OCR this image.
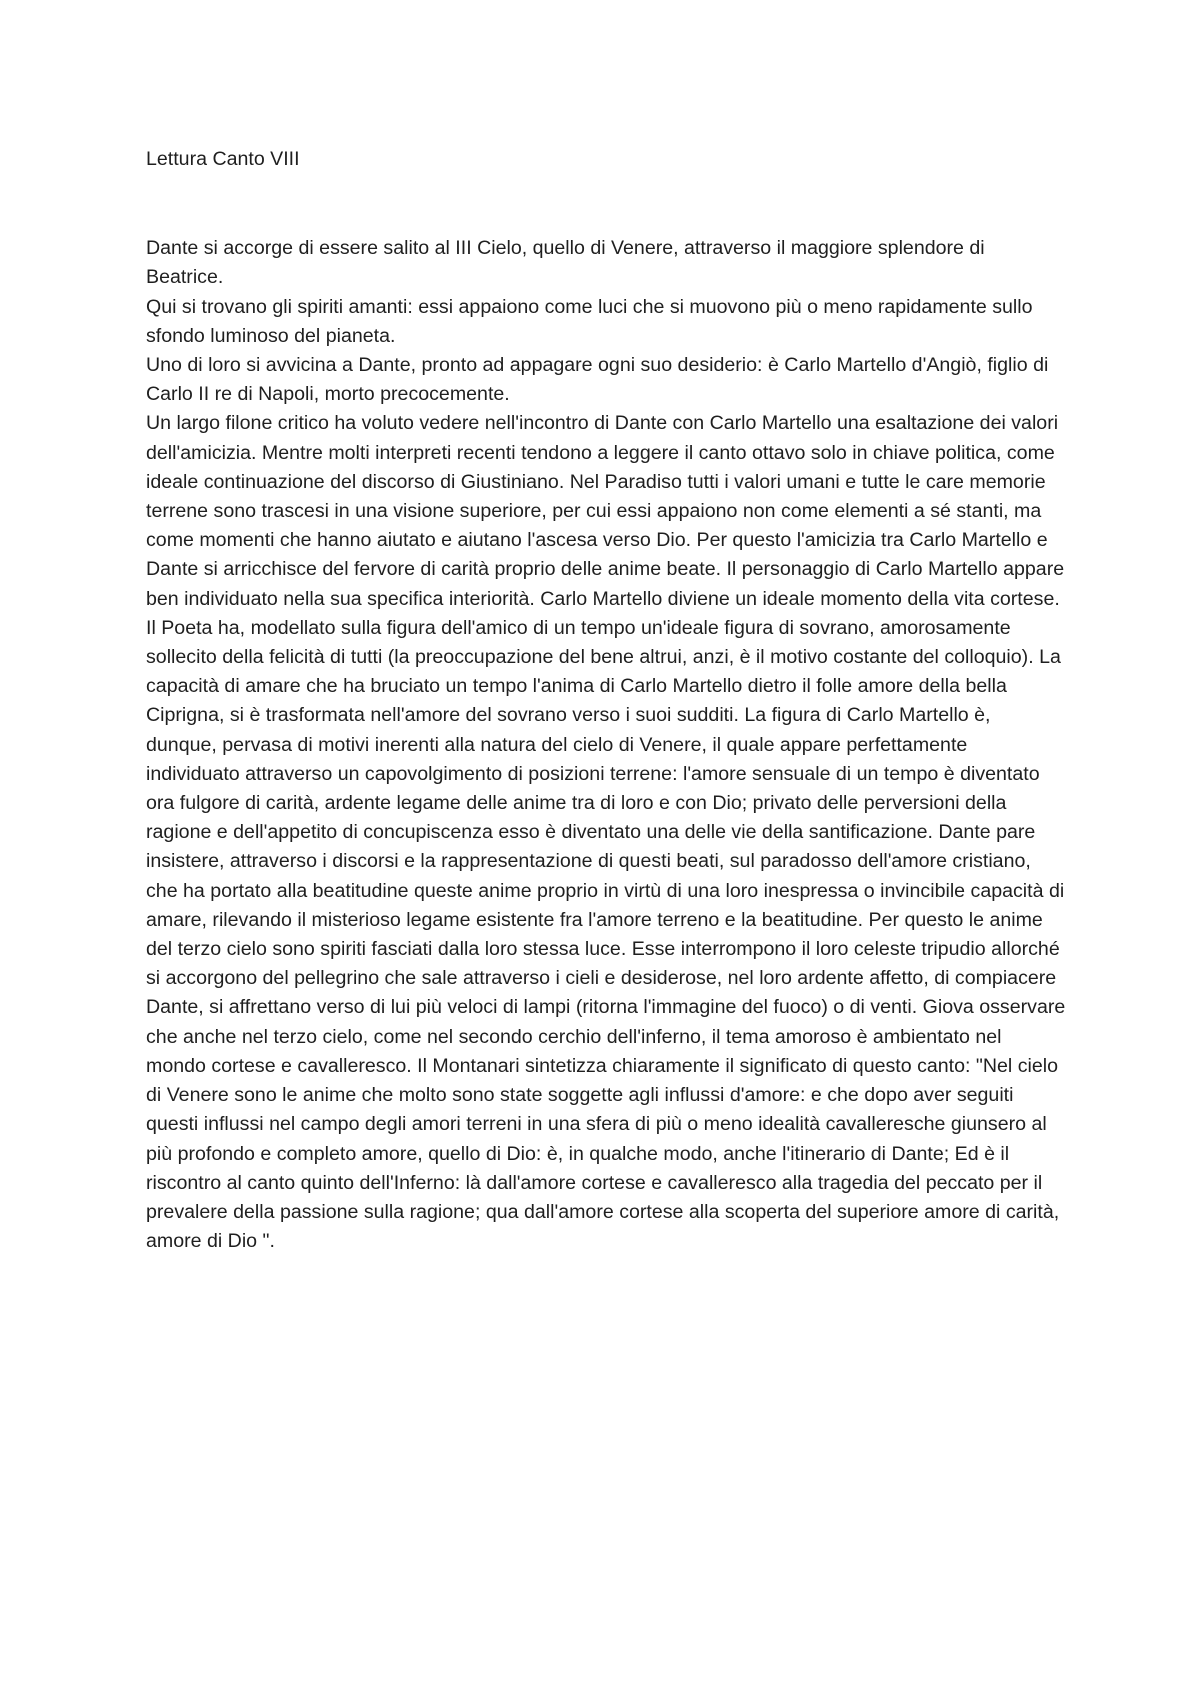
Lettura Canto VIII

Dante si accorge di essere salito al III Cielo, quello di Venere, attraverso il maggiore splendore di Beatrice.

Qui si trovano gli spiriti amanti: essi appaiono come luci che si muovono più o meno rapidamente sullo sfondo luminoso del pianeta.

Uno di loro si avvicina a Dante, pronto ad appagare ogni suo desiderio: è Carlo Martello d'Angiò, figlio di Carlo II re di Napoli, morto precocemente.

Un largo filone critico ha voluto vedere nell'incontro di Dante con Carlo Martello una esaltazione dei valori dell'amicizia. Mentre molti interpreti recenti tendono a leggere il canto ottavo solo in chiave politica, come ideale continuazione del discorso di Giustiniano. Nel Paradiso tutti i valori umani e tutte le care memorie terrene sono trascesi in una visione superiore, per cui essi appaiono non come elementi a sé stanti, ma come momenti che hanno aiutato e aiutano l'ascesa verso Dio. Per questo l'amicizia tra Carlo Martello e Dante si arricchisce del fervore di carità proprio delle anime beate. Il personaggio di Carlo Martello appare ben individuato nella sua specifica interiorità. Carlo Martello diviene un ideale momento della vita cortese.

Il Poeta ha, modellato sulla figura dell'amico di un tempo un'ideale figura di sovrano, amorosamente sollecito della felicità di tutti (la preoccupazione del bene altrui, anzi, è il motivo costante del colloquio). La capacità di amare che ha bruciato un tempo l'anima di Carlo Martello dietro il folle amore della bella Ciprigna, si è trasformata nell'amore del sovrano verso i suoi sudditi. La figura di Carlo Martello è, dunque, pervasa di motivi inerenti alla natura del cielo di Venere, il quale appare perfettamente individuato attraverso un capovolgimento di posizioni terrene: l'amore sensuale di un tempo è diventato ora fulgore di carità, ardente legame delle anime tra di loro e con Dio; privato delle perversioni della ragione e dell'appetito di concupiscenza esso è diventato una delle vie della santificazione. Dante pare insistere, attraverso i discorsi e la rappresentazione di questi beati, sul paradosso dell'amore cristiano, che ha portato alla beatitudine queste anime proprio in virtù di una loro inespressa o invincibile capacità di amare, rilevando il misterioso legame esistente fra l'amore terreno e la beatitudine. Per questo le anime del terzo cielo sono spiriti fasciati dalla loro stessa luce. Esse interrompono il loro celeste tripudio allorché si accorgono del pellegrino che sale attraverso i cieli e desiderose, nel loro ardente affetto, di compiacere Dante, si affrettano verso di lui più veloci di lampi (ritorna l'immagine del fuoco) o di venti. Giova osservare che anche nel terzo cielo, come nel secondo cerchio dell'inferno, il tema amoroso è ambientato nel mondo cortese e cavalleresco. Il Montanari sintetizza chiaramente il significato di questo canto: "Nel cielo di Venere sono le anime che molto sono state soggette agli influssi d'amore: e che dopo aver seguiti questi influssi nel campo degli amori terreni in una sfera di più o meno idealità cavalleresche giunsero al più profondo e completo amore, quello di Dio: è, in qualche modo, anche l'itinerario di Dante; Ed è il riscontro al canto quinto dell'Inferno: là dall'amore cortese e cavalleresco alla tragedia del peccato per il prevalere della passione sulla ragione; qua dall'amore cortese alla scoperta del superiore amore di carità, amore di Dio ".
